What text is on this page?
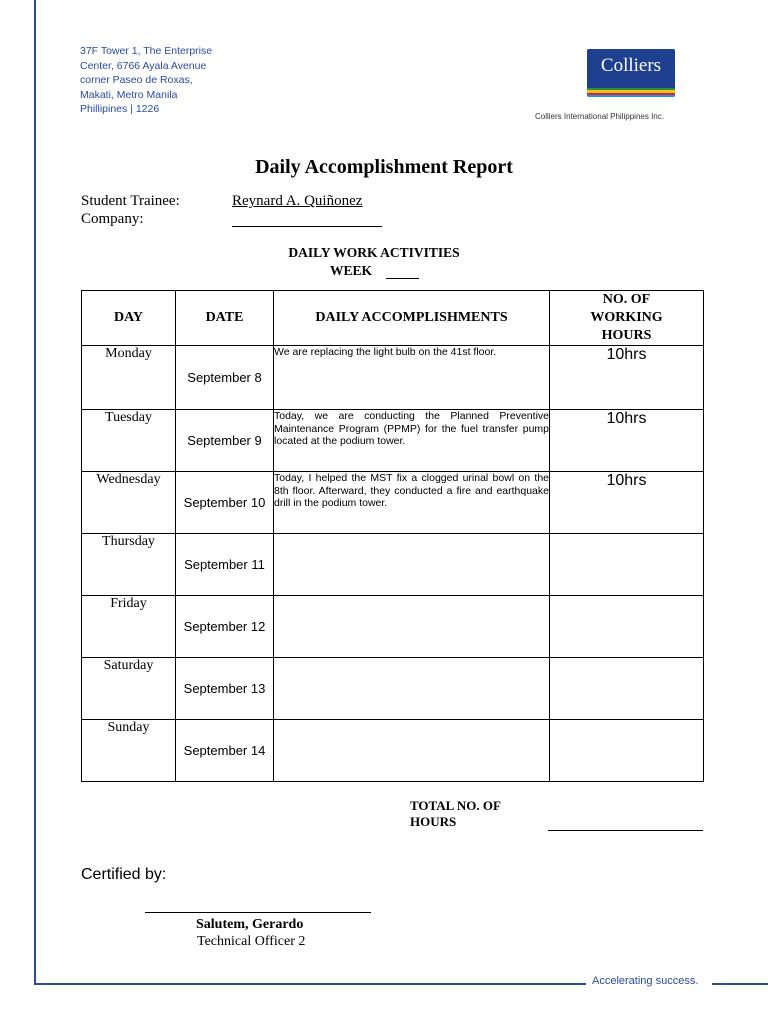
Accelerating success.
37F Tower 1, The Enterprise
Center, 6766 Ayala Avenue
corner Paseo de Roxas,
Makati, Metro Manila
Phillipines | 1226
Colliers
Colliers International Philippines Inc.
Daily Accomplishment Report
Student Trainee:	Reynard A. Quiñonez
Company:
DAILY WORK ACTIVITIES
WEEK
DAY	DATE	DAILY ACCOMPLISHMENTS	NO. OF
WORKING
HOURS

Monday	September 8	We are replacing the light bulb on the 41st floor.	10hrs
Tuesday	September 9	Today, we are conducting the Planned Preventive Maintenance Program (PPMP) for the fuel transfer pump located at the podium tower.	10hrs
Wednesday	September 10	Today, I helped the MST fix a clogged urinal bowl on the 8th floor. Afterward, they conducted a fire and earthquake drill in the podium tower.	10hrs
Thursday	September 11		
Friday	September 12		
Saturday	September 13		
Sunday	September 14		
TOTAL NO. OF
HOURS
Certified by:
Salutem, Gerardo
Technical Officer 2
